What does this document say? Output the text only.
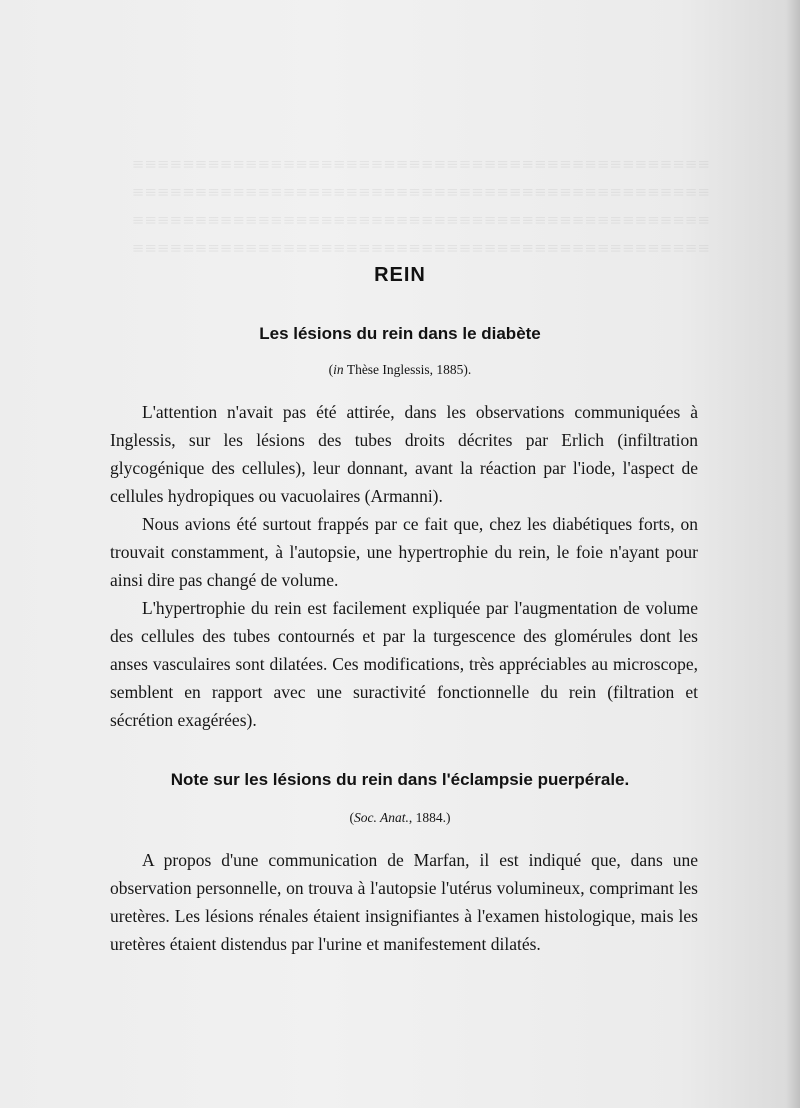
≡≡≡≡≡≡≡≡≡≡≡≡≡≡≡≡≡≡≡≡≡≡≡≡≡≡≡≡≡≡≡≡≡≡≡≡≡≡≡≡≡≡≡≡≡≡
≡≡≡≡≡≡≡≡≡≡≡≡≡≡≡≡≡≡≡≡≡≡≡≡≡≡≡≡≡≡≡≡≡≡≡≡≡≡≡≡≡≡≡≡≡≡
≡≡≡≡≡≡≡≡≡≡≡≡≡≡≡≡≡≡≡≡≡≡≡≡≡≡≡≡≡≡≡≡≡≡≡≡≡≡≡≡≡≡≡≡≡≡
≡≡≡≡≡≡≡≡≡≡≡≡≡≡≡≡≡≡≡≡≡≡≡≡≡≡≡≡≡≡≡≡≡≡≡≡≡≡≡≡≡≡≡≡≡≡
REIN
Les lésions du rein dans le diabète
(in Thèse Inglessis, 1885).

L'attention n'avait pas été attirée, dans les observations communiquées à Inglessis, sur les lésions des tubes droits décrites par Erlich (infiltration glycogénique des cellules), leur donnant, avant la réaction par l'iode, l'aspect de cellules hydropiques ou vacuolaires (Armanni).

Nous avions été surtout frappés par ce fait que, chez les diabétiques forts, on trouvait constamment, à l'autopsie, une hypertrophie du rein, le foie n'ayant pour ainsi dire pas changé de volume.

L'hypertrophie du rein est facilement expliquée par l'augmentation de volume des cellules des tubes contournés et par la turgescence des glomérules dont les anses vasculaires sont dilatées. Ces modifications, très appréciables au microscope, semblent en rapport avec une suractivité fonctionnelle du rein (filtration et sécrétion exagérées).

Note sur les lésions du rein dans l'éclampsie puerpérale.
(Soc. Anat., 1884.)

A propos d'une communication de Marfan, il est indiqué que, dans une observation personnelle, on trouva à l'autopsie l'utérus volumineux, comprimant les uretères. Les lésions rénales étaient insignifiantes à l'examen histologique, mais les uretères étaient distendus par l'urine et manifestement dilatés.
